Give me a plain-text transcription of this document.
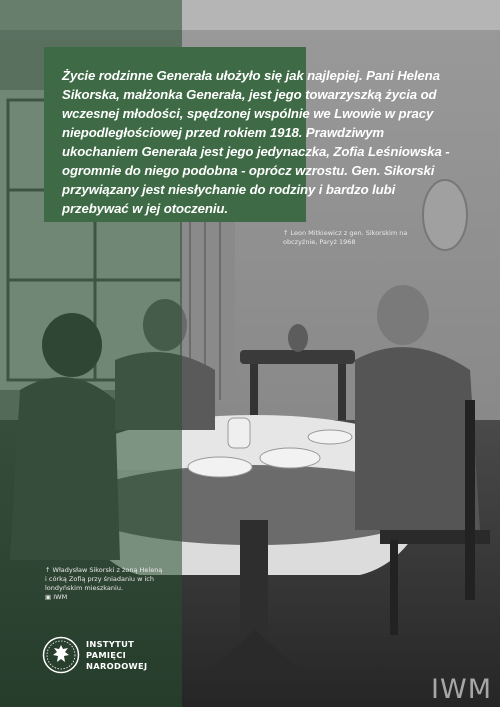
Życie rodzinne Generała ułożyło się jak najlepiej. Pani Helena Sikorska, małżonka Generała, jest jego towarzyszką życia od wczesnej młodości, spędzonej wspólnie we Lwowie w pracy niepodległościowej przed rokiem 1918. Prawdziwym ukochaniem Generała jest jego jedynaczka, Zofia Leśniowska - ogromnie do niego podobna - oprócz wzrostu. Gen. Sikorski przywiązany jest niesłychanie do rodziny i bardzo lubi przebywać w jej otoczeniu.

↑ Leon Mitkiewicz z gen. Sikorskim na obczyźnie, Paryż 1968
↑ Władysław Sikorski z żoną Heleną i córką Zofią przy śniadaniu w ich londyńskim mieszkaniu.
▣ IWM
INSTYTUT
PAMIĘCI
NARODOWEJ
IWM
